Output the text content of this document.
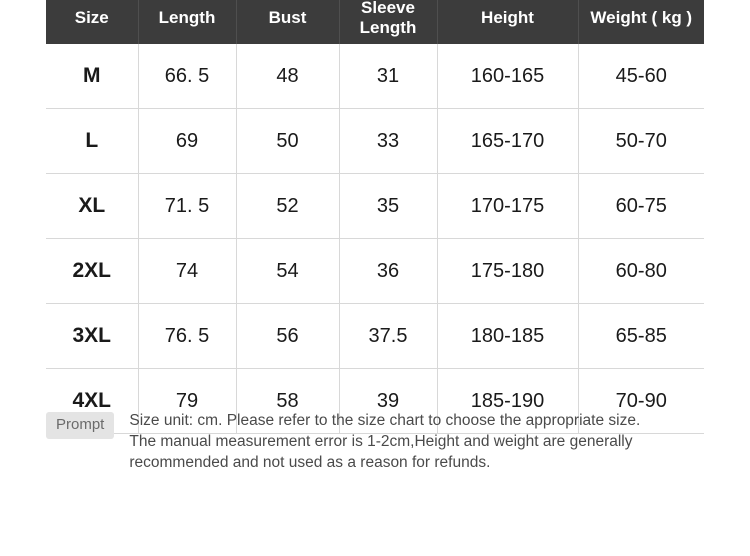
Size	Length	Bust	Sleeve Length	Height	Weight ( kg )
M	66. 5	48	31	160-165	45-60
L	69	50	33	165-170	50-70
XL	71. 5	52	35	170-175	60-75
2XL	74	54	36	175-180	60-80
3XL	76. 5	56	37.5	180-185	65-85
4XL	79	58	39	185-190	70-90
Prompt	Size unit: cm. Please refer to the size chart to choose the appropriate size.

The manual measurement error is 1-2cm,Height and weight are generally

recommended and not used as a reason for refunds.
